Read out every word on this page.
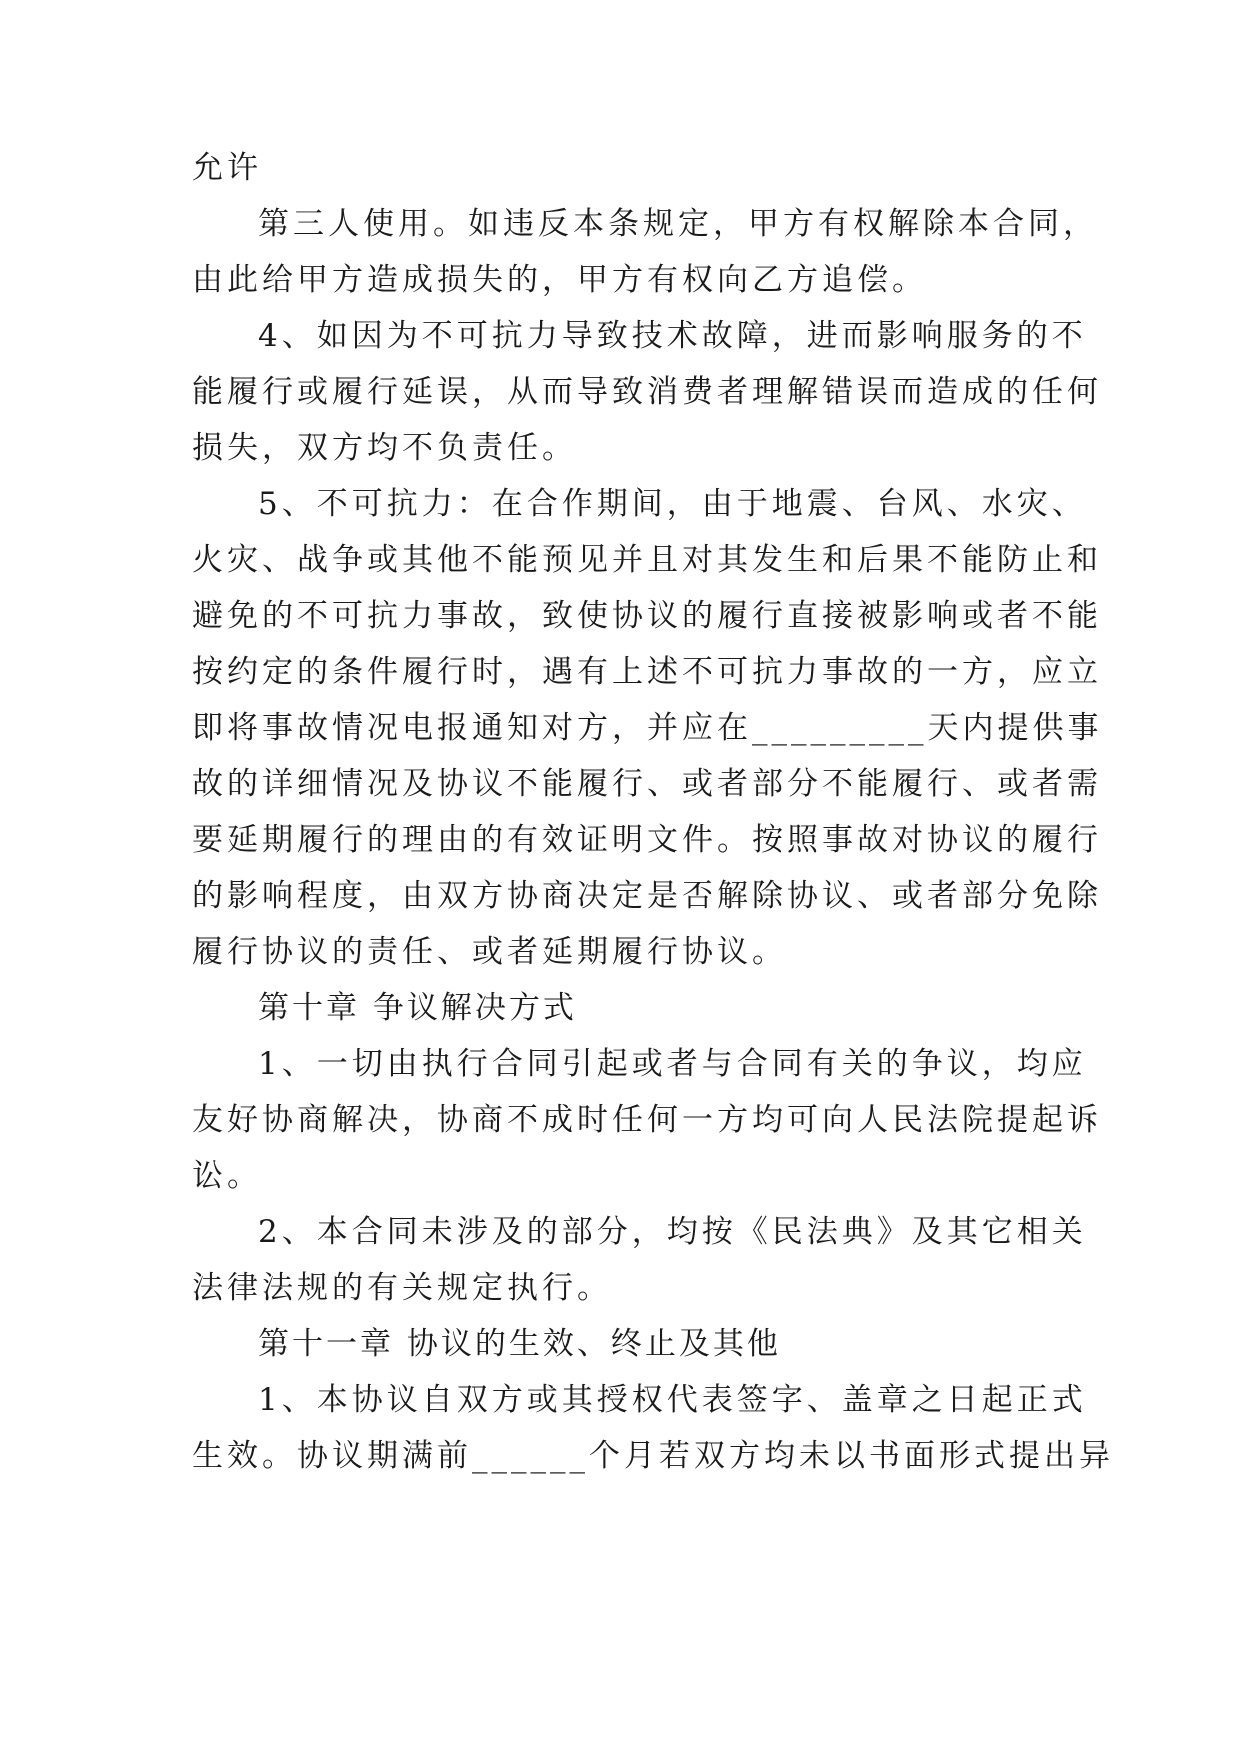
允许
第三人使用。如违反本条规定，甲方有权解除本合同，
由此给甲方造成损失的，甲方有权向乙方追偿。
4、如因为不可抗力导致技术故障，进而影响服务的不
能履行或履行延误，从而导致消费者理解错误而造成的任何
损失，双方均不负责任。
5、不可抗力：在合作期间，由于地震、台风、水灾、
火灾、战争或其他不能预见并且对其发生和后果不能防止和
避免的不可抗力事故，致使协议的履行直接被影响或者不能
按约定的条件履行时，遇有上述不可抗力事故的一方，应立
即将事故情况电报通知对方，并应在_________天内提供事
故的详细情况及协议不能履行、或者部分不能履行、或者需
要延期履行的理由的有效证明文件。按照事故对协议的履行
的影响程度，由双方协商决定是否解除协议、或者部分免除
履行协议的责任、或者延期履行协议。
第十章 争议解决方式
1、一切由执行合同引起或者与合同有关的争议，均应
友好协商解决，协商不成时任何一方均可向人民法院提起诉
讼。
2、本合同未涉及的部分，均按《民法典》及其它相关
法律法规的有关规定执行。
第十一章 协议的生效、终止及其他
1、本协议自双方或其授权代表签字、盖章之日起正式
生效。协议期满前______个月若双方均未以书面形式提出异
